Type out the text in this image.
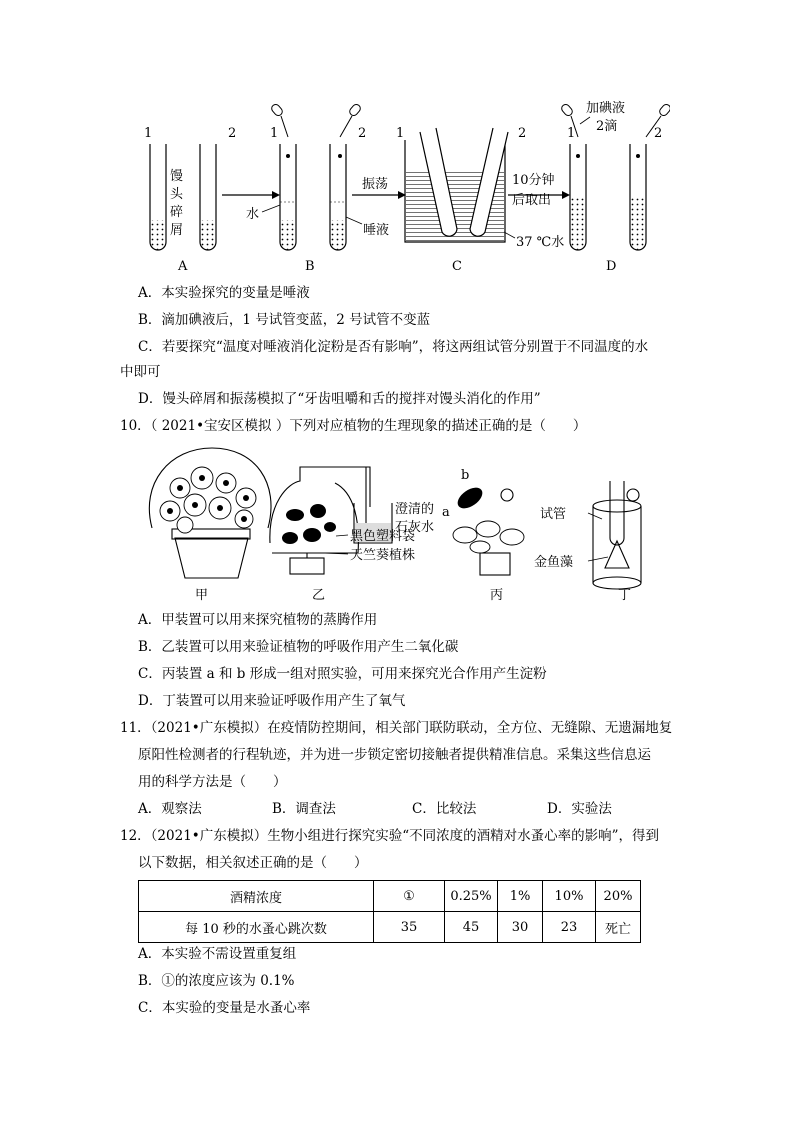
1	2	1	1	2	1	2
馒
头
碎
屑
水
唾液
振荡	10分钟
后取出
37 ℃水
加碘液
2滴
A	B	C	D
2
A．本实验探究的变量是唾液
B．滴加碘液后，1 号试管变蓝，2 号试管不变蓝
C．若要探究“温度对唾液消化淀粉是否有影响”，将这两组试管分别置于不同温度的水
中即可
D．馒头碎屑和振荡模拟了“牙齿咀嚼和舌的搅拌对馒头消化的作用”
10．（ 2021•宝安区模拟 ）下列对应植物的生理现象的描述正确的是（　　）
甲	乙	丙	丁
澄清的
石灰水
黑色塑料袋
天竺葵植株
a
b
试管
金鱼藻
A．甲装置可以用来探究植物的蒸腾作用
B．乙装置可以用来验证植物的呼吸作用产生二氧化碳
C．丙装置 a 和 b 形成一组对照实验，可用来探究光合作用产生淀粉
D．丁装置可以用来验证呼吸作用产生了氧气
11．（2021•广东模拟）在疫情防控期间，相关部门联防联动，全方位、无缝隙、无遗漏地复
原阳性检测者的行程轨迹，并为进一步锁定密切接触者提供精准信息。采集这些信息运
用的科学方法是（　　）
A．观察法	B．调查法	C．比较法	D．实验法
12．（2021•广东模拟）生物小组进行探究实验“不同浓度的酒精对水蚤心率的影响”，得到
以下数据，相关叙述正确的是（　　）
酒精浓度	①	0.25%	1%	10%	20%
每 10 秒的水蚤心跳次数	35	45	30	23	死亡
A．本实验不需设置重复组
B．①的浓度应该为 0.1%
C．本实验的变量是水蚤心率
